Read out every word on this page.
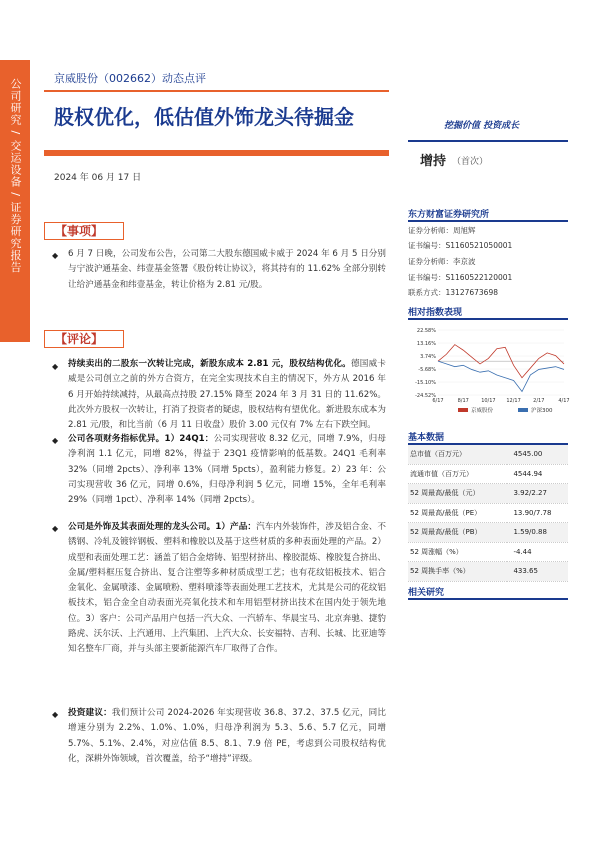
公司研究 / 交运设备 / 证券研究报告	京威股份（002662）动态点评
股权优化，低估值外饰龙头待掘金
2024 年 06 月 17 日
挖掘价值 投资成长
增持 （首次）
【事项】
◆ 6 月 7 日晚，公司发布公告，公司第二大股东德国威卡威于 2024 年 6 月 5 日分别与宁波沪通基金、纬壹基金签署《股份转让协议》，将其持有的 11.62% 全部分别转让给沪通基金和纬壹基金，转让价格为 2.81 元/股。
【评论】
◆ 持续卖出的二股东一次转让完成，新股东成本 2.81 元，股权结构优化。德国威卡威是公司创立之前的外方合资方，在完全实现技术自主的情况下，外方从 2016 年 6 月开始持续减持，从最高点持股 27.15% 降至 2024 年 3 月 31 日的 11.62%。此次外方股权一次转让，打消了投资者的疑虑，股权结构有望优化。新进股东成本为 2.81 元/股，和比当前（6 月 11 日收盘）股价 3.00 元仅有 7% 左右下跌空间。
◆ 公司各项财务指标优异。1）24Q1：公司实现营收 8.32 亿元，同增 7.9%，归母净利润 1.1 亿元，同增 82%，得益于 23Q1 疫情影响的低基数。24Q1 毛利率 32%（同增 2pcts）、净利率 13%（同增 5pcts），盈利能力修复。2）23 年：公司实现营收 36 亿元，同增 0.6%，归母净利润 5 亿元，同增 15%，全年毛利率 29%（同增 1pct）、净利率 14%（同增 2pcts）。
◆ 公司是外饰及其表面处理的龙头公司。1）产品：汽车内外装饰件，涉及铝合金、不锈钢、冷轧及镀锌钢板、塑料和橡胶以及基于这些材质的多种表面处理的产品。2）成型和表面处理工艺：涵盖了铝合金熔铸、铝型材挤出、橡胶混炼、橡胶复合挤出、金属/塑料框压复合挤出、复合注塑等多种材质成型工艺；也有花纹铝板技术、铝合金氧化、金属喷漆、金属喷粉、塑料喷漆等表面处理工艺技术，尤其是公司的花纹铝板技术，铝合金全自动表面光亮氧化技术和车用铝型材挤出技术在国内处于领先地位。3）客户：公司产品用户包括一汽大众、一汽轿车、华晨宝马、北京奔驰、捷豹路虎、沃尔沃、上汽通用、上汽集团、上汽大众、长安福特、吉利、长城、比亚迪等知名整车厂商，并与头部主要新能源汽车厂取得了合作。
◆ 投资建议：我们预计公司 2024-2026 年实现营收 36.8、37.2、37.5 亿元，同比增速分别为 2.2%、1.0%、1.0%，归母净利润为 5.3、5.6、5.7 亿元，同增 5.7%、5.1%、2.4%，对应估值 8.5、8.1、7.9 倍 PE，考虑到公司股权结构优化，深耕外饰领域，首次覆盖，给予“增持”评级。
东方财富证券研究所
证券分析师：周旭辉
证书编号：S1160521050001
证券分析师：李京波
证书编号：S1160522120001
联系方式：13127673698
相对指数表现
22.58%
13.16%
3.74%
-5.68%
-15.10%
-24.52%
6/17	8/17 10/17 12/17 2/17	4/17
京威股份	沪深300
基本数据
总市值（百万元）	4545.00
流通市值（百万元）	4544.94
52 周最高/最低（元）	3.92/2.27
52 周最高/最低（PE）	13.90/7.78
52 周最高/最低（PB）	1.59/0.88
52 周涨幅（%）	-4.44
52 周换手率（%）	433.65
相关研究
